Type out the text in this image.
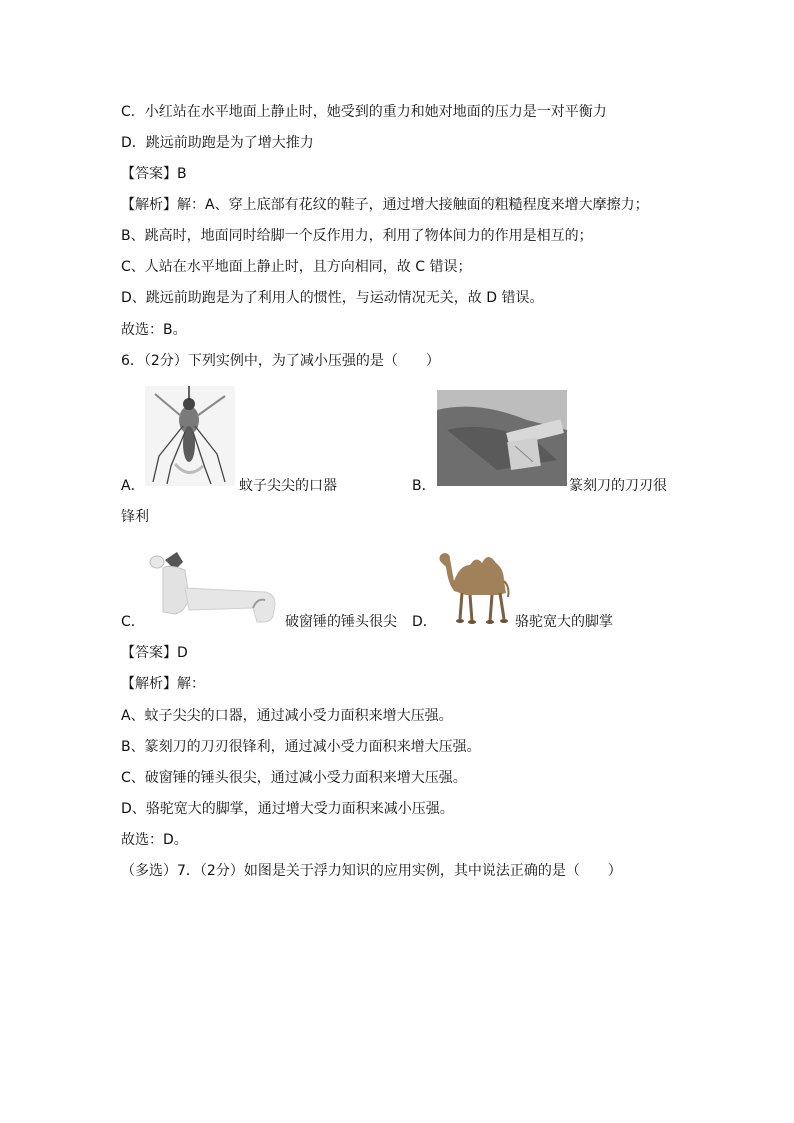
C．小红站在水平地面上静止时，她受到的重力和她对地面的压力是一对平衡力
D．跳远前助跑是为了增大推力
【答案】B
【解析】解：A、穿上底部有花纹的鞋子，通过增大接触面的粗糙程度来增大摩擦力；
B、跳高时，地面同时给脚一个反作用力，利用了物体间力的作用是相互的；
C、人站在水平地面上静止时，且方向相同，故 C 错误；
D、跳远前助跑是为了利用人的惯性，与运动情况无关，故 D 错误。
故选：B。
6．（2分）下列实例中，为了减小压强的是（　　）
A．	蚊子尖尖的口器	B．	篆刻刀的刀刃很
锋利
C．	破窗锤的锤头很尖 D．	骆驼宽大的脚掌
【答案】D
【解析】解：
A、蚊子尖尖的口器，通过减小受力面积来增大压强。
B、篆刻刀的刀刃很锋利，通过减小受力面积来增大压强。
C、破窗锤的锤头很尖，通过减小受力面积来增大压强。
D、骆驼宽大的脚掌，通过增大受力面积来减小压强。
故选：D。
（多选）7．（2分）如图是关于浮力知识的应用实例，其中说法正确的是（　　）
